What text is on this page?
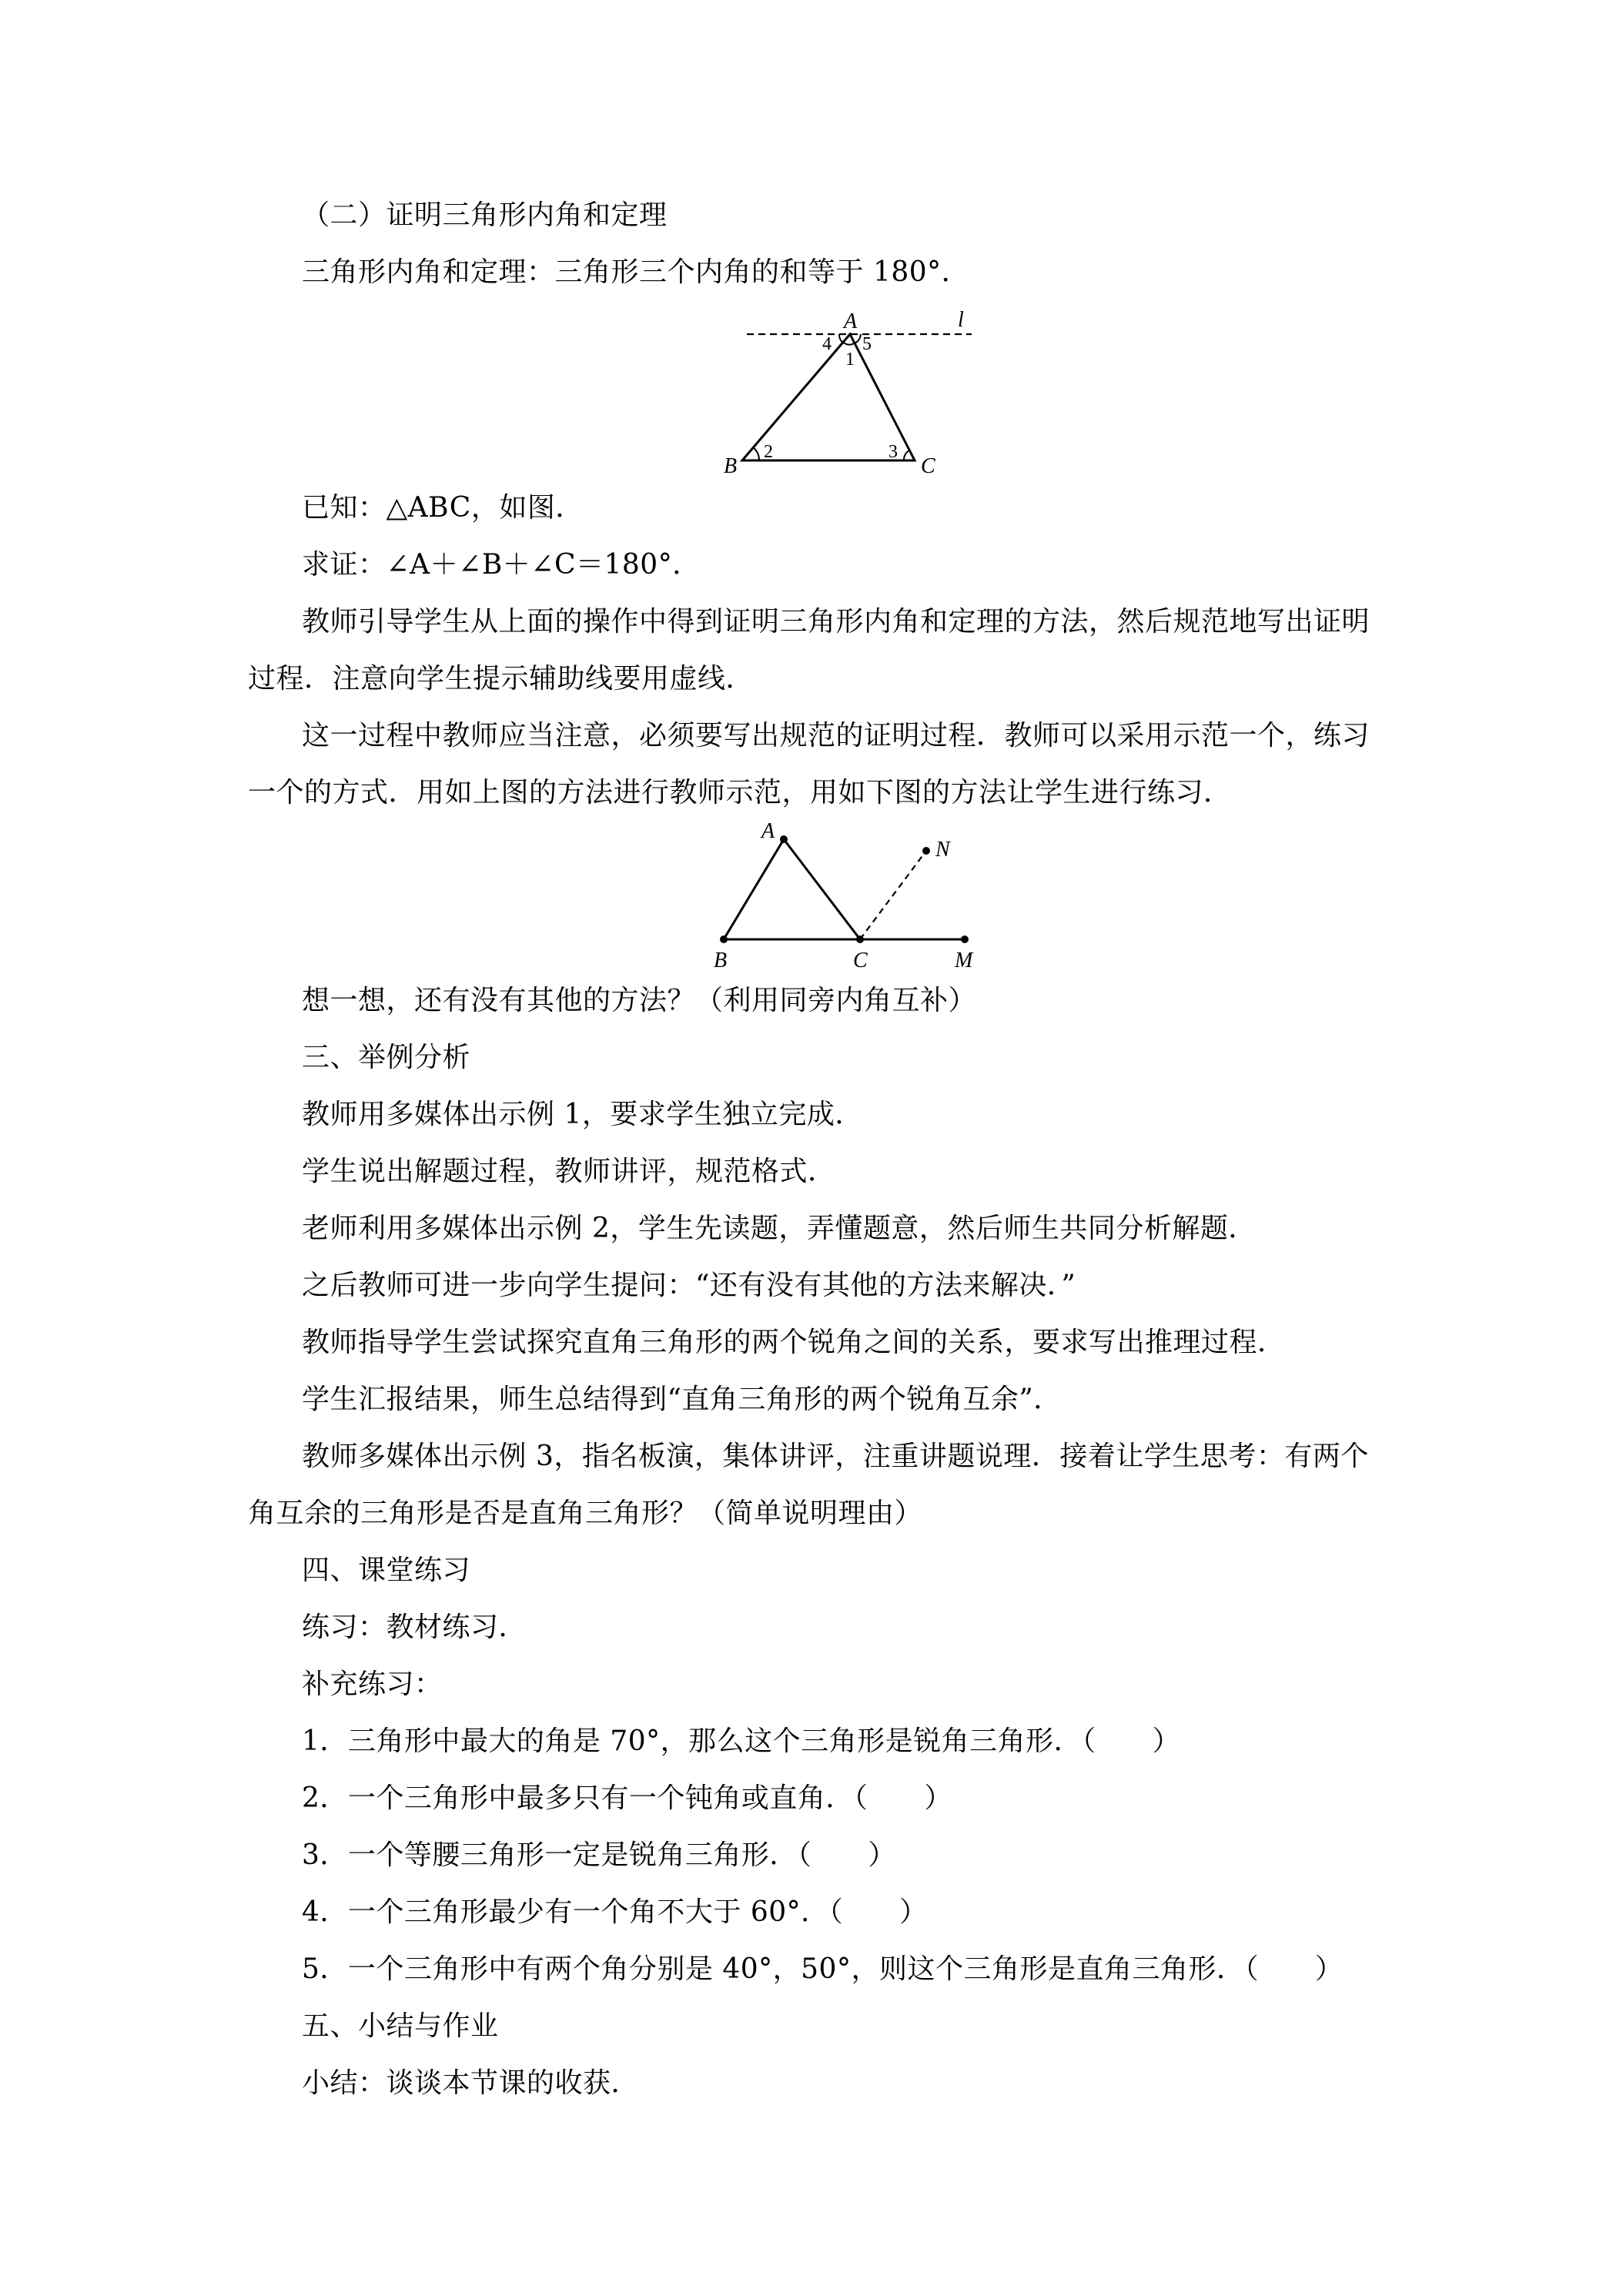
（二）证明三角形内角和定理
三角形内角和定理：三角形三个内角的和等于 180°．
A	l
4 5
1
2	3
B	C
已知：△ABC，如图．
求证：∠A＋∠B＋∠C＝180°．
教师引导学生从上面的操作中得到证明三角形内角和定理的方法，然后规范地写出证明
过程．注意向学生提示辅助线要用虚线．
这一过程中教师应当注意，必须要写出规范的证明过程．教师可以采用示范一个，练习
一个的方式．用如上图的方法进行教师示范，用如下图的方法让学生进行练习．
A
N
B	C	M
想一想，还有没有其他的方法？（利用同旁内角互补）
三、举例分析
教师用多媒体出示例 1，要求学生独立完成．
学生说出解题过程，教师讲评，规范格式．
老师利用多媒体出示例 2，学生先读题，弄懂题意，然后师生共同分析解题．
之后教师可进一步向学生提问：“还有没有其他的方法来解决．”
教师指导学生尝试探究直角三角形的两个锐角之间的关系，要求写出推理过程．
学生汇报结果，师生总结得到“直角三角形的两个锐角互余”．
教师多媒体出示例 3，指名板演，集体讲评，注重讲题说理．接着让学生思考：有两个
角互余的三角形是否是直角三角形？（简单说明理由）
四、课堂练习
练习：教材练习．
补充练习：
1．三角形中最大的角是 70°，那么这个三角形是锐角三角形．（　　）
2．一个三角形中最多只有一个钝角或直角．（　　）
3．一个等腰三角形一定是锐角三角形．（　　）
4．一个三角形最少有一个角不大于 60°．（　　）
5．一个三角形中有两个角分别是 40°，50°，则这个三角形是直角三角形．（　　）
五、小结与作业
小结：谈谈本节课的收获．
